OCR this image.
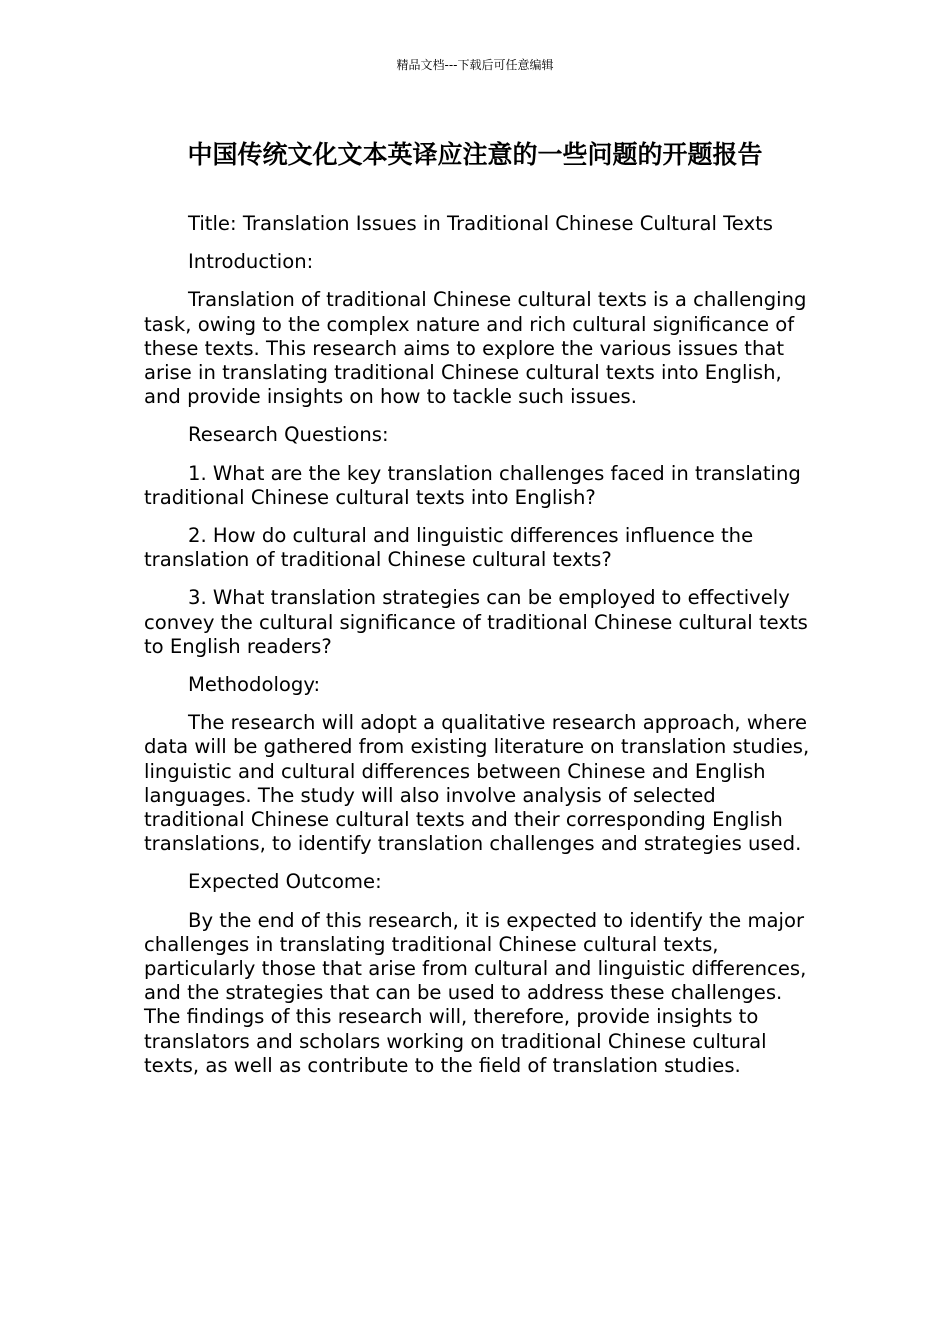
精品文档---下载后可任意编辑
中国传统文化文本英译应注意的一些问题的开题报告

Title: Translation Issues in Traditional Chinese Cultural Texts

Introduction:

Translation of traditional Chinese cultural texts is a challenging task, owing to the complex nature and rich cultural significance of these texts. This research aims to explore the various issues that arise in translating traditional Chinese cultural texts into English, and provide insights on how to tackle such issues.

Research Questions:

1. What are the key translation challenges faced in translating traditional Chinese cultural texts into English?

2. How do cultural and linguistic differences influence the translation of traditional Chinese cultural texts?

3. What translation strategies can be employed to effectively convey the cultural significance of traditional Chinese cultural texts to English readers?

Methodology:

The research will adopt a qualitative research approach, where data will be gathered from existing literature on translation studies, linguistic and cultural differences between Chinese and English languages. The study will also involve analysis of selected traditional Chinese cultural texts and their corresponding English translations, to identify translation challenges and strategies used.

Expected Outcome:

By the end of this research, it is expected to identify the major challenges in translating traditional Chinese cultural texts, particularly those that arise from cultural and linguistic differences, and the strategies that can be used to address these challenges. The findings of this research will, therefore, provide insights to translators and scholars working on traditional Chinese cultural texts, as well as contribute to the field of translation studies.
